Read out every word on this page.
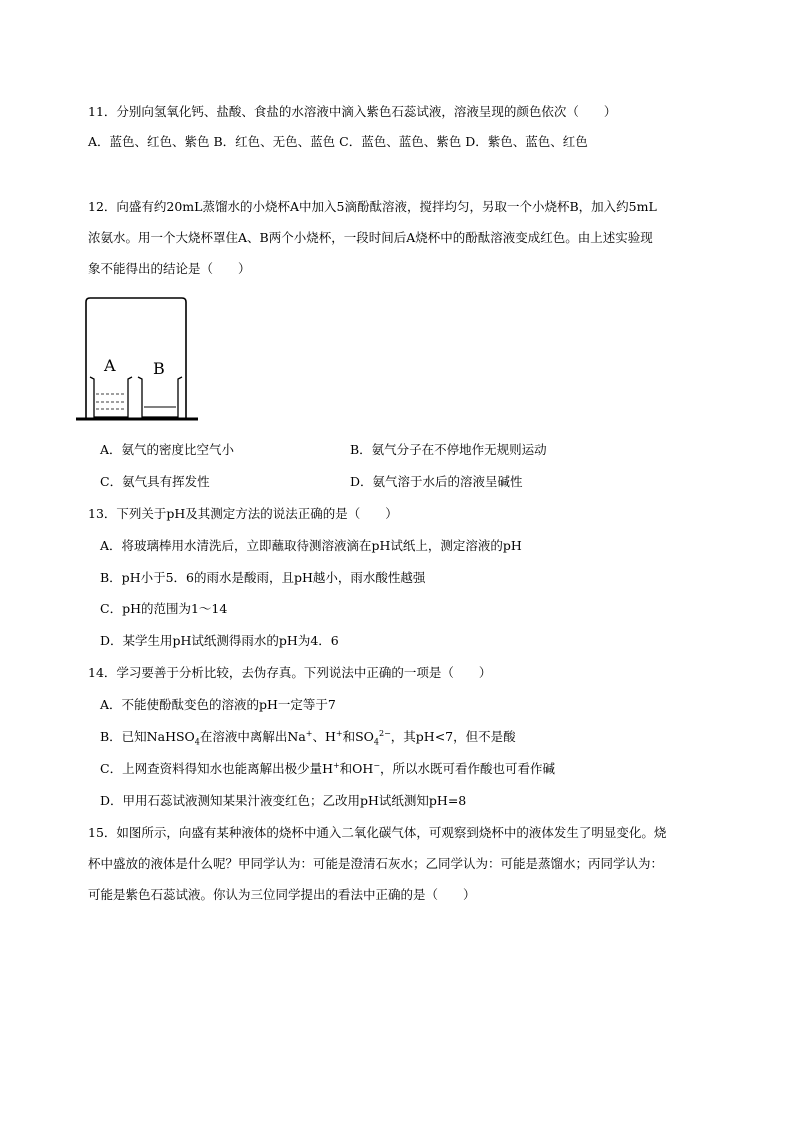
11．分别向氢氧化钙、盐酸、食盐的水溶液中滴入紫色石蕊试液，溶液呈现的颜色依次（　　）
A．蓝色、红色、紫色 B．红色、无色、蓝色 C．蓝色、蓝色、紫色 D．紫色、蓝色、红色
12．向盛有约20mL蒸馏水的小烧杯A中加入5滴酚酞溶液，搅拌均匀，另取一个小烧杯B，加入约5mL
浓氨水。用一个大烧杯罩住A、B两个小烧杯，一段时间后A烧杯中的酚酞溶液变成红色。由上述实验现
象不能得出的结论是（　　）
A B
A．氨气的密度比空气小	B．氨气分子在不停地作无规则运动
C．氨气具有挥发性	D．氨气溶于水后的溶液呈碱性
13．下列关于pH及其测定方法的说法正确的是（　　）
A．将玻璃棒用水清洗后，立即蘸取待测溶液滴在pH试纸上，测定溶液的pH
B．pH小于5．6的雨水是酸雨，且pH越小，雨水酸性越强
C．pH的范围为1～14
D．某学生用pH试纸测得雨水的pH为4．6
14．学习要善于分析比较，去伪存真。下列说法中正确的一项是（　　）
A．不能使酚酞变色的溶液的pH一定等于7
B．已知NaHSO$_4$在溶液中离解出Na+、H+和$SO_4^{2-}$，其pH<7，但不是酸
C．上网查资料得知水也能离解出极少量H+和OH−，所以水既可看作酸也可看作碱
D．甲用石蕊试液测知某果汁液变红色；乙改用pH试纸测知pH=8
15．如图所示，向盛有某种液体的烧杯中通入二氧化碳气体，可观察到烧杯中的液体发生了明显变化。烧
杯中盛放的液体是什么呢？甲同学认为：可能是澄清石灰水；乙同学认为：可能是蒸馏水；丙同学认为：
可能是紫色石蕊试液。你认为三位同学提出的看法中正确的是（　　）
